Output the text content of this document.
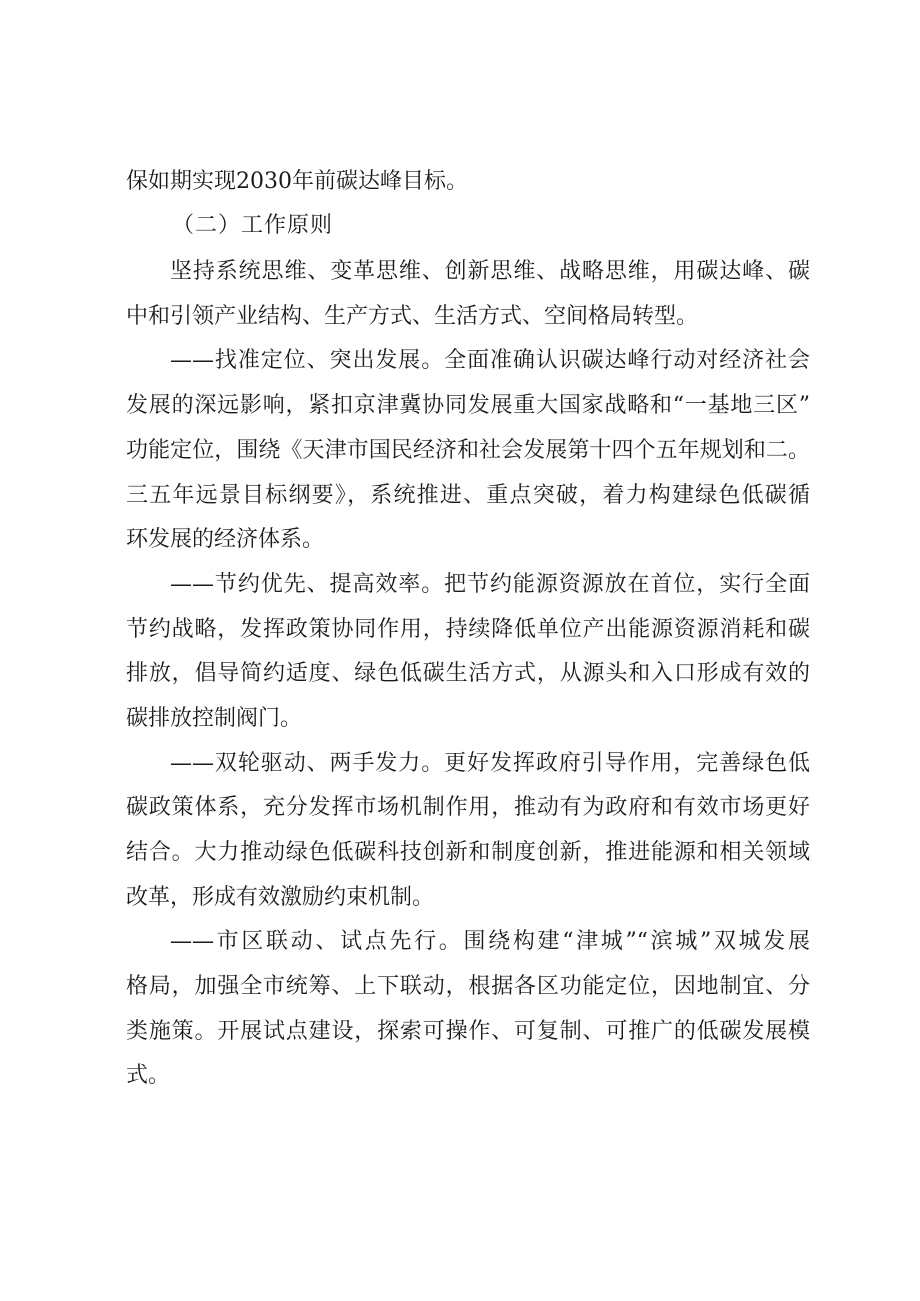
保如期实现2030年前碳达峰目标。
（二）工作原则
坚持系统思维、变革思维、创新思维、战略思维，用碳达峰、碳
中和引领产业结构、生产方式、生活方式、空间格局转型。
——找准定位、突出发展。全面准确认识碳达峰行动对经济社会
发展的深远影响，紧扣京津冀协同发展重大国家战略和“一基地三区”
功能定位，围绕《天津市国民经济和社会发展第十四个五年规划和二。
三五年远景目标纲要》，系统推进、重点突破，着力构建绿色低碳循
环发展的经济体系。
——节约优先、提高效率。把节约能源资源放在首位，实行全面
节约战略，发挥政策协同作用，持续降低单位产出能源资源消耗和碳
排放，倡导简约适度、绿色低碳生活方式，从源头和入口形成有效的
碳排放控制阀门。
——双轮驱动、两手发力。更好发挥政府引导作用，完善绿色低
碳政策体系，充分发挥市场机制作用，推动有为政府和有效市场更好
结合。大力推动绿色低碳科技创新和制度创新，推进能源和相关领域
改革，形成有效激励约束机制。
——市区联动、试点先行。围绕构建“津城”“滨城”双城发展
格局，加强全市统筹、上下联动，根据各区功能定位，因地制宜、分
类施策。开展试点建设，探索可操作、可复制、可推广的低碳发展模
式。
